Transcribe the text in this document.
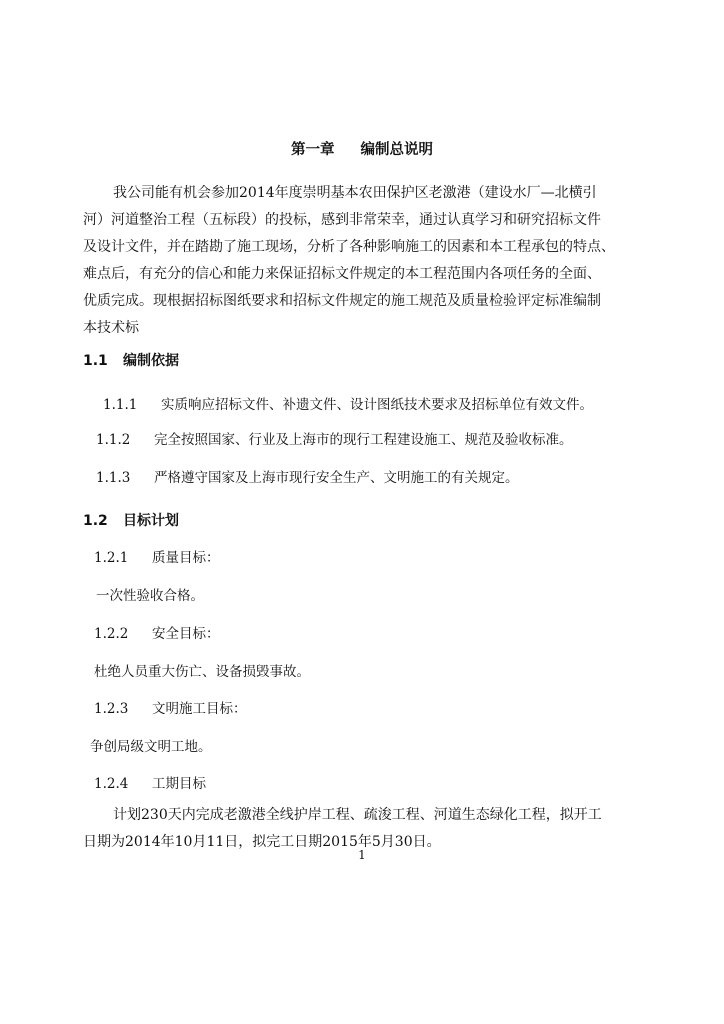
第一章 编制总说明
我公司能有机会参加2014年度崇明基本农田保护区老激港（建设水厂—北横引
河）河道整治工程（五标段）的投标，感到非常荣幸，通过认真学习和研究招标文件
及设计文件，并在踏勘了施工现场，分析了各种影响施工的因素和本工程承包的特点、
难点后，有充分的信心和能力来保证招标文件规定的本工程范围内各项任务的全面、
优质完成。现根据招标图纸要求和招标文件规定的施工规范及质量检验评定标准编制
本技术标
1.1 编制依据
1.1.1 实质响应招标文件、补遗文件、设计图纸技术要求及招标单位有效文件。
1.1.2 完全按照国家、行业及上海市的现行工程建设施工、规范及验收标准。
1.1.3 严格遵守国家及上海市现行安全生产、文明施工的有关规定。
1.2 目标计划
1.2.1 质量目标：
一次性验收合格。
1.2.2 安全目标：
杜绝人员重大伤亡、设备损毁事故。
1.2.3 文明施工目标：
争创局级文明工地。
1.2.4 工期目标
计划230天内完成老激港全线护岸工程、疏浚工程、河道生态绿化工程，拟开工
日期为2014年10月11日，拟完工日期2015年5月30日。
1
